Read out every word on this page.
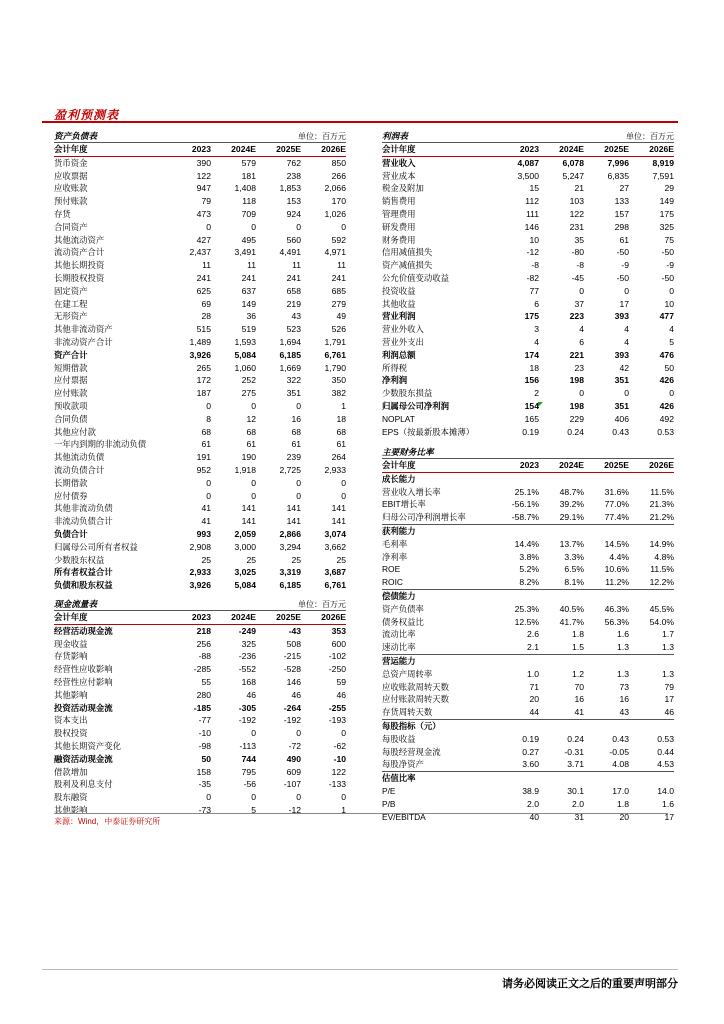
盈利预测表
资产负债表	单位：百万元
会计年度	2023	2024E	2025E	2026E
货币资金	390	579	762	850
应收票据	122	181	238	266
应收账款	947	1,408	1,853	2,066
预付账款	79	118	153	170
存货	473	709	924	1,026
合同资产	0	0	0	0
其他流动资产	427	495	560	592
流动资产合计	2,437	3,491	4,491	4,971
其他长期投资	11	11	11	11
长期股权投资	241	241	241	241
固定资产	625	637	658	685
在建工程	69	149	219	279
无形资产	28	36	43	49
其他非流动资产	515	519	523	526
非流动资产合计	1,489	1,593	1,694	1,791
资产合计	3,926	5,084	6,185	6,761
短期借款	265	1,060	1,669	1,790
应付票据	172	252	322	350
应付账款	187	275	351	382
预收款项	0	0	0	1
合同负债	8	12	16	18
其他应付款	68	68	68	68
一年内到期的非流动负债	61	61	61	61
其他流动负债	191	190	239	264
流动负债合计	952	1,918	2,725	2,933
长期借款	0	0	0	0
应付债券	0	0	0	0
其他非流动负债	41	141	141	141
非流动负债合计	41	141	141	141
负债合计	993	2,059	2,866	3,074
归属母公司所有者权益	2,908	3,000	3,294	3,662
少数股东权益	25	25	25	25
所有者权益合计	2,933	3,025	3,319	3,687
负债和股东权益	3,926	5,084	6,185	6,761
现金流量表	单位：百万元
会计年度	2023	2024E	2025E	2026E
经营活动现金流	218	-249	-43	353
现金收益	256	325	508	600
存货影响	-88	-236	-215	-102
经营性应收影响	-285	-552	-528	-250
经营性应付影响	55	168	146	59
其他影响	280	46	46	46
投资活动现金流	-185	-305	-264	-255
资本支出	-77	-192	-192	-193
股权投资	-10	0	0	0
其他长期资产变化	-98	-113	-72	-62
融资活动现金流	50	744	490	-10
借款增加	158	795	609	122
股利及利息支付	-35	-56	-107	-133
股东融资	0	0	0	0
其他影响	-73	5	-12	1
利润表	单位：百万元
会计年度	2023	2024E	2025E	2026E
营业收入	4,087	6,078	7,996	8,919
营业成本	3,500	5,247	6,835	7,591
税金及附加	15	21	27	29
销售费用	112	103	133	149
管理费用	111	122	157	175
研发费用	146	231	298	325
财务费用	10	35	61	75
信用减值损失	-12	-80	-50	-50
资产减值损失	-8	-8	-9	-9
公允价值变动收益	-82	-45	-50	-50
投资收益	77	0	0	0
其他收益	6	37	17	10
营业利润	175	223	393	477
营业外收入	3	4	4	4
营业外支出	4	6	4	5
利润总额	174	221	393	476
所得税	18	23	42	50
净利润	156	198	351	426
少数股东损益	2	0	0	0
归属母公司净利润	154	198	351	426
NOPLAT	165	229	406	492
EPS（按最新股本摊薄）	0.19	0.24	0.43	0.53
主要财务比率
会计年度	2023	2024E	2025E	2026E
成长能力
营业收入增长率	25.1%	48.7%	31.6%	11.5%
EBIT增长率	-56.1%	39.2%	77.0%	21.3%
归母公司净利润增长率	-58.7%	29.1%	77.4%	21.2%
获利能力
毛利率	14.4%	13.7%	14.5%	14.9%
净利率	3.8%	3.3%	4.4%	4.8%
ROE	5.2%	6.5%	10.6%	11.5%
ROIC	8.2%	8.1%	11.2%	12.2%
偿债能力
资产负债率	25.3%	40.5%	46.3%	45.5%
债务权益比	12.5%	41.7%	56.3%	54.0%
流动比率	2.6	1.8	1.6	1.7
速动比率	2.1	1.5	1.3	1.3
营运能力
总资产周转率	1.0	1.2	1.3	1.3
应收账款周转天数	71	70	73	79
应付账款周转天数	20	16	16	17
存货周转天数	44	41	43	46
每股指标（元）
每股收益	0.19	0.24	0.43	0.53
每股经营现金流	0.27	-0.31	-0.05	0.44
每股净资产	3.60	3.71	4.08	4.53
估值比率
P/E	38.9	30.1	17.0	14.0
P/B	2.0	2.0	1.8	1.6
EV/EBITDA	40	31	20	17
来源：Wind，中泰证券研究所
请务必阅读正文之后的重要声明部分
